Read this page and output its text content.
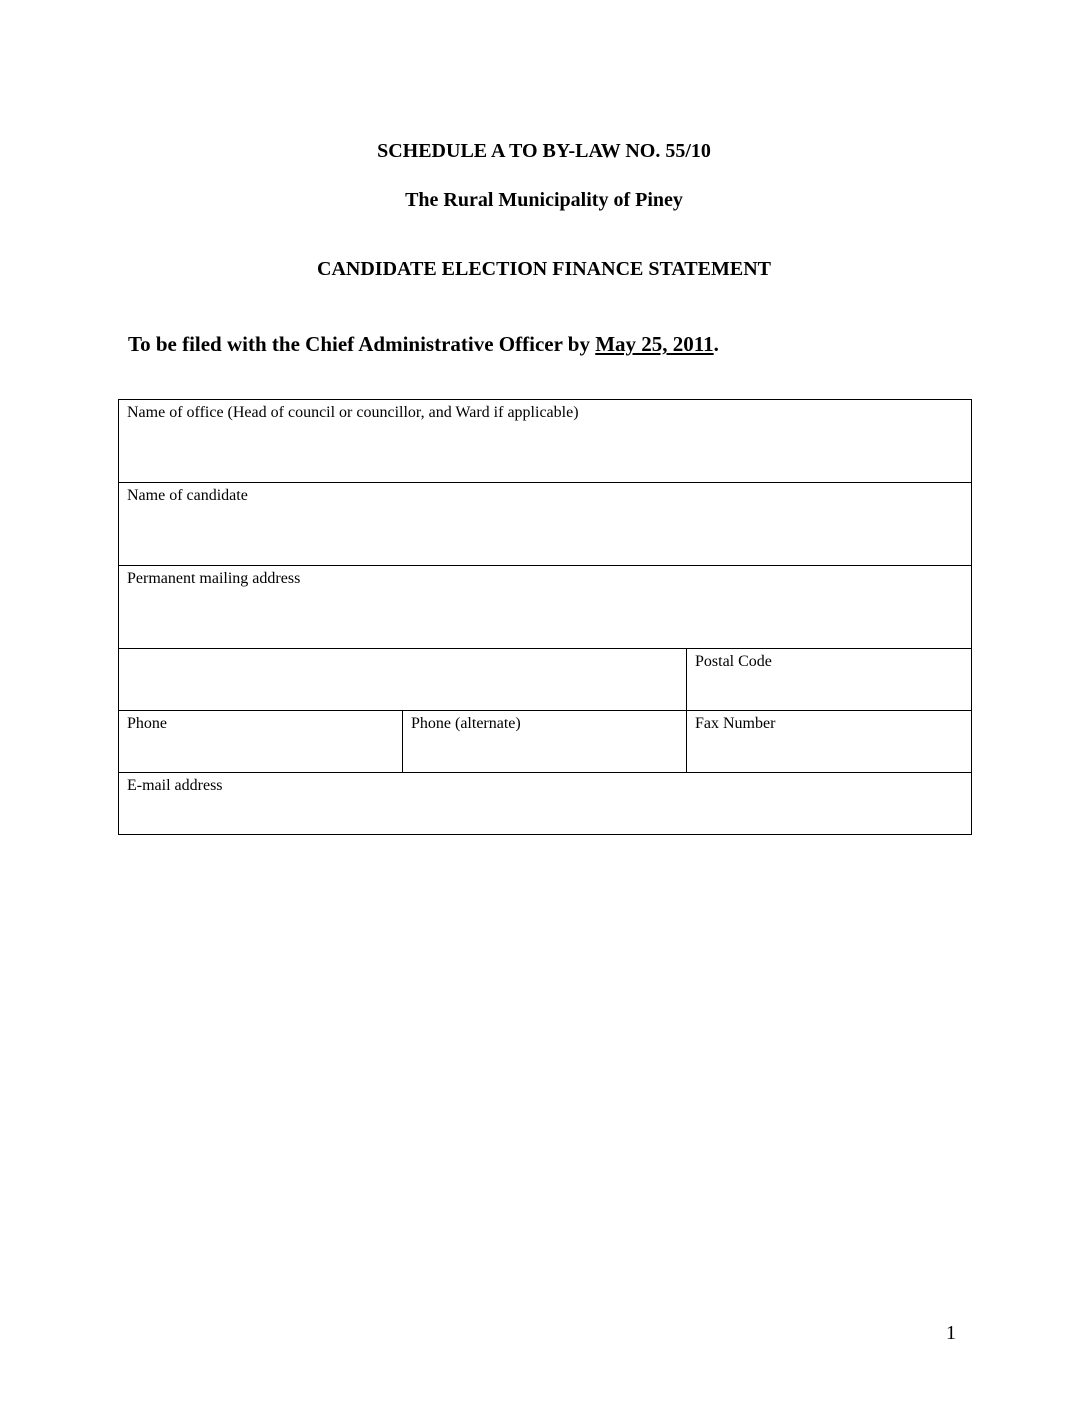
SCHEDULE A TO BY-LAW NO. 55/10
The Rural Municipality of Piney
CANDIDATE ELECTION FINANCE STATEMENT
To be filed with the Chief Administrative Officer by May 25, 2011.
Name of office (Head of council or councillor, and Ward if applicable)		
Name of candidate		
Permanent mailing address		
		Postal Code
Phone	Phone (alternate)	Fax Number
E-mail address		
1
